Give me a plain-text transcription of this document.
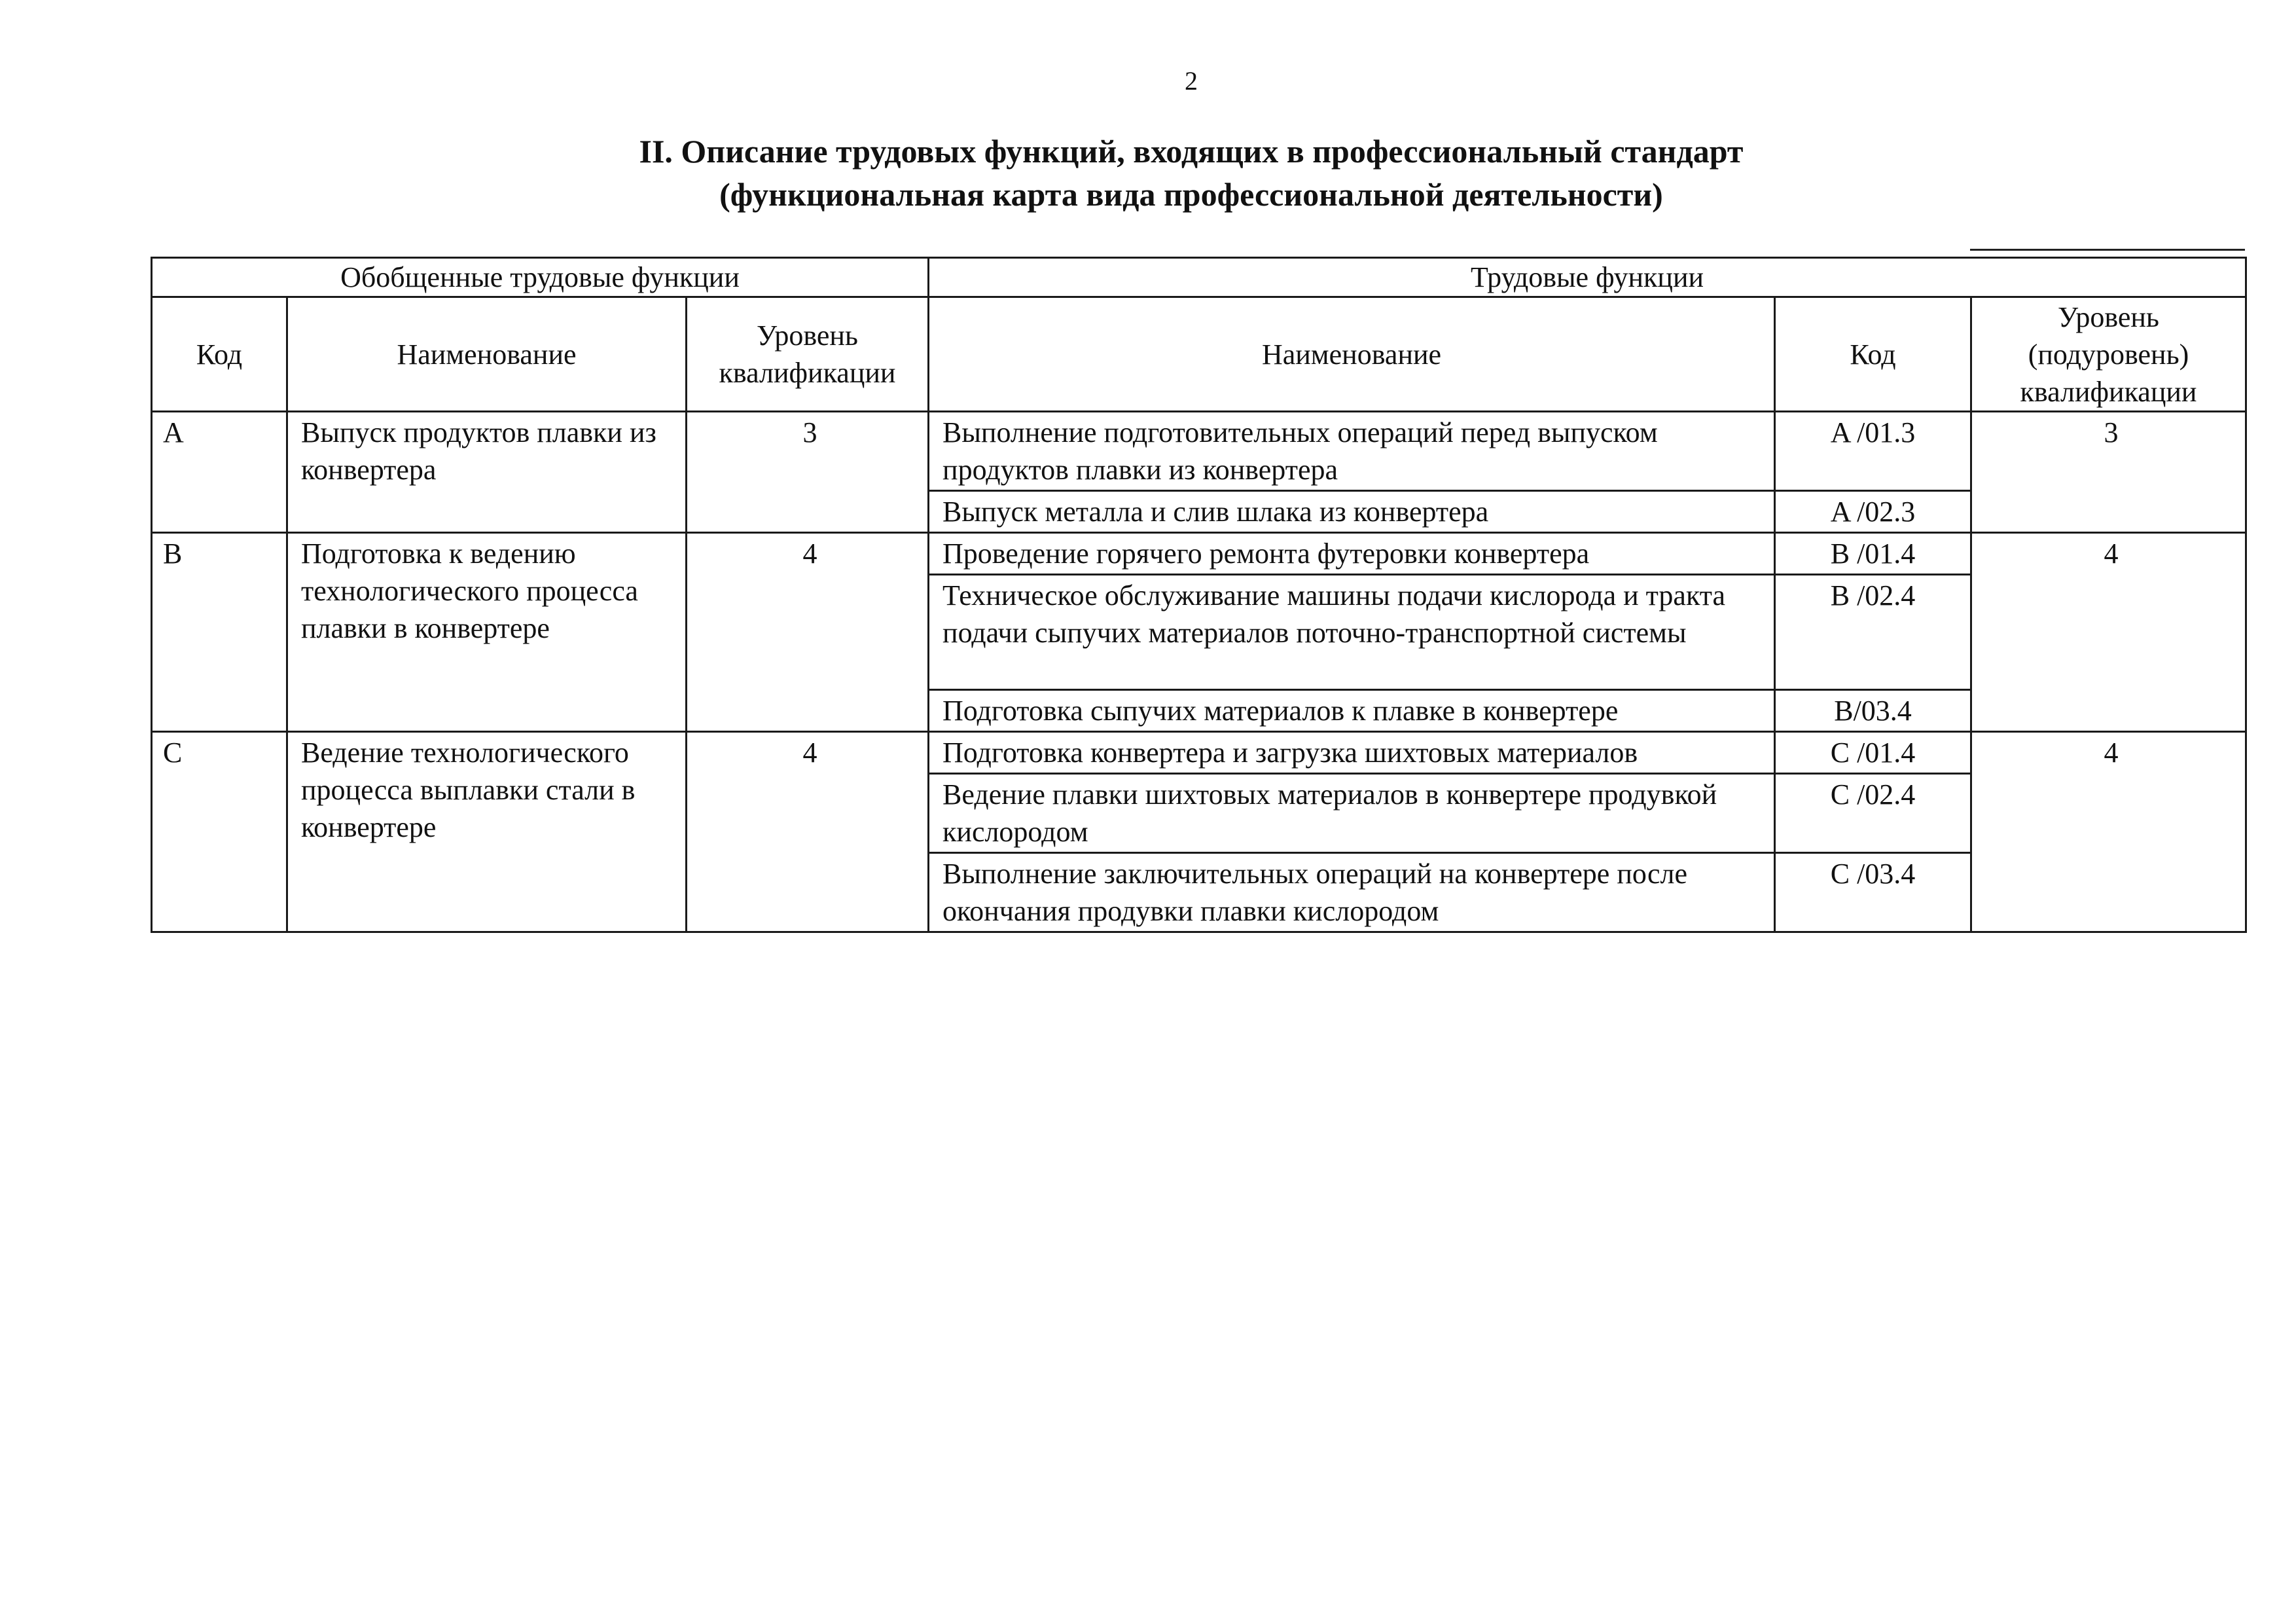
2
II. Описание трудовых функций, входящих в профессиональный стандарт
(функциональная карта вида профессиональной деятельности)
Обобщенные трудовые функции			Трудовые функции		
Код	Наименование	Уровень квалификации	Наименование	Код	Уровень (подуровень) квалификации
A	Выпуск продуктов плавки из конвертера	3	Выполнение подготовительных операций перед выпуском продуктов плавки из конвертера	A /01.3	3
			Выпуск металла и слив шлака из конвертера	A /02.3	
B	Подготовка к ведению технологического процесса плавки в конвертере	4	Проведение горячего ремонта футеровки конвертера	B /01.4	4
			Техническое обслуживание машины подачи кислорода и тракта подачи сыпучих материалов поточно-транспортной системы	B /02.4	
			Подготовка сыпучих материалов к плавке в конвертере	B/03.4	
C	Ведение технологического процесса выплавки стали в конвертере	4	Подготовка конвертера и загрузка шихтовых материалов	C /01.4	4
			Ведение плавки шихтовых материалов в конвертере продувкой кислородом	C /02.4	
			Выполнение заключительных операций на конвертере после окончания продувки плавки кислородом	C /03.4	
